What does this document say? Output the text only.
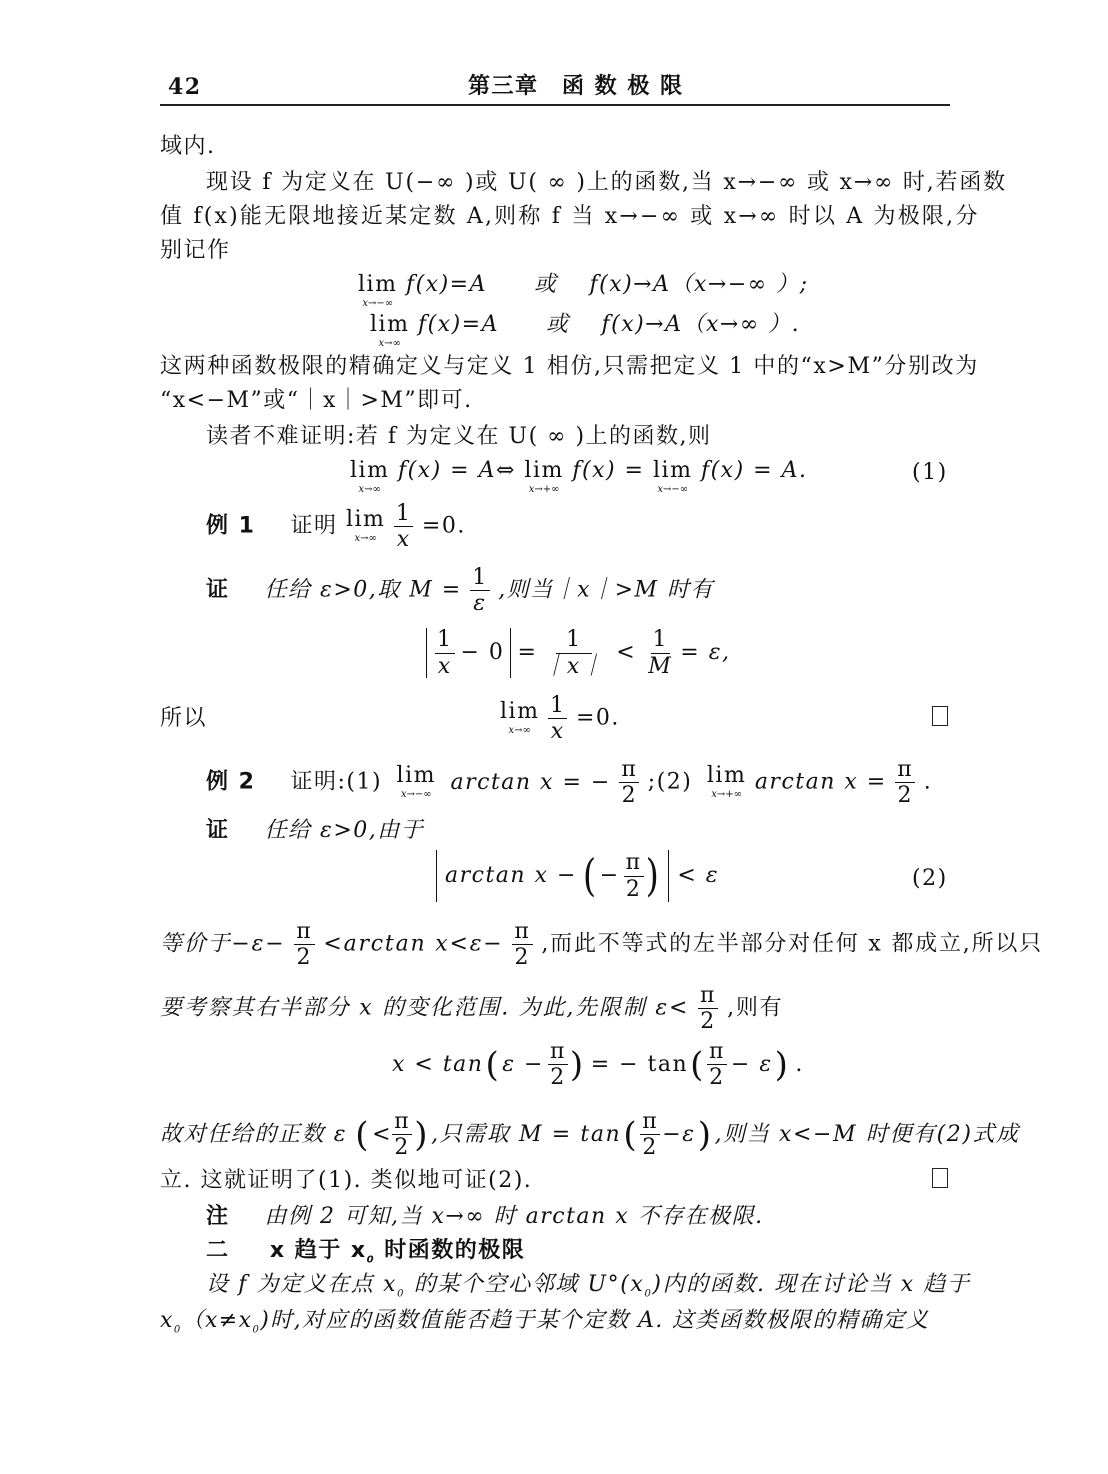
42	第三章　函 数 极 限
域内.
现设 f 为定义在 U(−∞ )或 U( ∞ )上的函数,当 x→−∞ 或 x→∞ 时,若函数
值 f(x)能无限地接近某定数 A,则称 f 当 x→−∞ 或 x→∞ 时以 A 为极限,分
别记作
lim
x→−∞
f(x)=A　　或　 f(x)→A（x→−∞ ）;
lim
x→∞
f(x)=A　　或　 f(x)→A（x→∞ ）.
这两种函数极限的精确定义与定义 1 相仿,只需把定义 1 中的“x>M”分别改为
“x<−M”或“｜x｜>M”即可.
读者不难证明:若 f 为定义在 U( ∞ )上的函数,则
lim
x→∞
f(x) = A⇔ lim
x→+∞
f(x) = lim
x→−∞
f(x) = A.	(1)
例 1 证明 lim
x→∞
$\frac{1}{x} =0$.
证 任给 ε>0,取 $M = \frac{1}{\varepsilon}$ ,则当｜x｜>M 时有
$\frac{1}{x} - 0 = \frac{1}{|x|} < \frac{1}{M} = \varepsilon$,
所以	lim
x→∞
$\frac{1}{x} =0$.
例 2 证明:(1) lim
x→−∞ arctan x = − $\frac{\pi}{2}$ ;(2) lim
x→+∞ $\arctan x = \frac{\pi}{2}$ .
证 任给 ε>0,由于
arctan x − ( − $\frac{\pi}{2}$ ) < ε	(2)
等价于$-\varepsilon- \frac{\pi}{2} <\arctan$ $x<\varepsilon- \frac{\pi}{2}$ ,而此不等式的左半部分对任何 x 都成立,所以只
要考察其右半部分 x 的变化范围. 为此,先限制 $\varepsilon< \frac{\pi}{2}$ ,则有
x < tan ( $\varepsilon - \frac{\pi}{2}$ ) = − tan ( $\frac{\pi}{2} - \varepsilon$ ) .
故对任给的正数 ε ( < $\frac{\pi}{2}$ ) ,只需取 M = tan ( $\frac{\pi}{2} -\varepsilon$ ) ,则当 x<−M 时便有(2)式成
立. 这就证明了(1). 类似地可证(2).
注 由例 2 可知,当 x→∞ 时 arctan x 不存在极限.
二 x 趋于 $x_0$ 时函数的极限
设 f 为定义在点 $x_0$ 的某个空心邻域 $U^\circ(x_0)$内的函数. 现在讨论当 x 趋于
$x_0(x\ne x_0)$时,对应的函数值能否趋于某个定数 A. 这类函数极限的精确定义
